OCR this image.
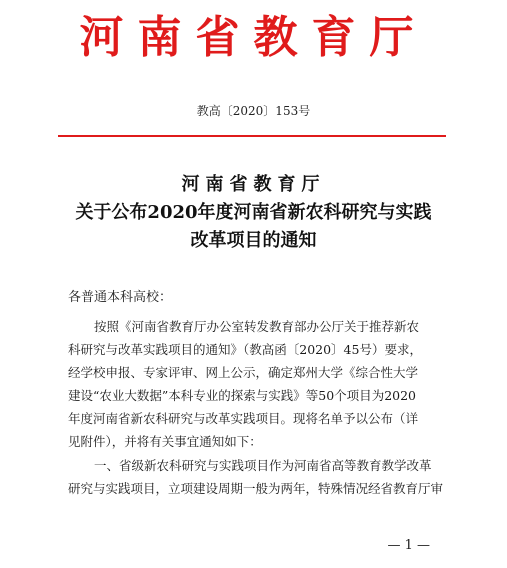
河南省教育厅
教高〔2020〕153号
河南省教育厅
关于公布2020年度河南省新农科研究与实践
改革项目的通知
各普通本科高校：
按照《河南省教育厅办公室转发教育部办公厅关于推荐新农
科研究与改革实践项目的通知》（教高函〔2020〕45号）要求，
经学校申报、专家评审、网上公示，确定郑州大学《综合性大学
建设“农业大数据”本科专业的探索与实践》等50个项目为2020
年度河南省新农科研究与改革实践项目。现将名单予以公布（详
见附件），并将有关事宜通知如下：
一、省级新农科研究与实践项目作为河南省高等教育教学改革
研究与实践项目，立项建设周期一般为两年，特殊情况经省教育厅审
— 1 —
